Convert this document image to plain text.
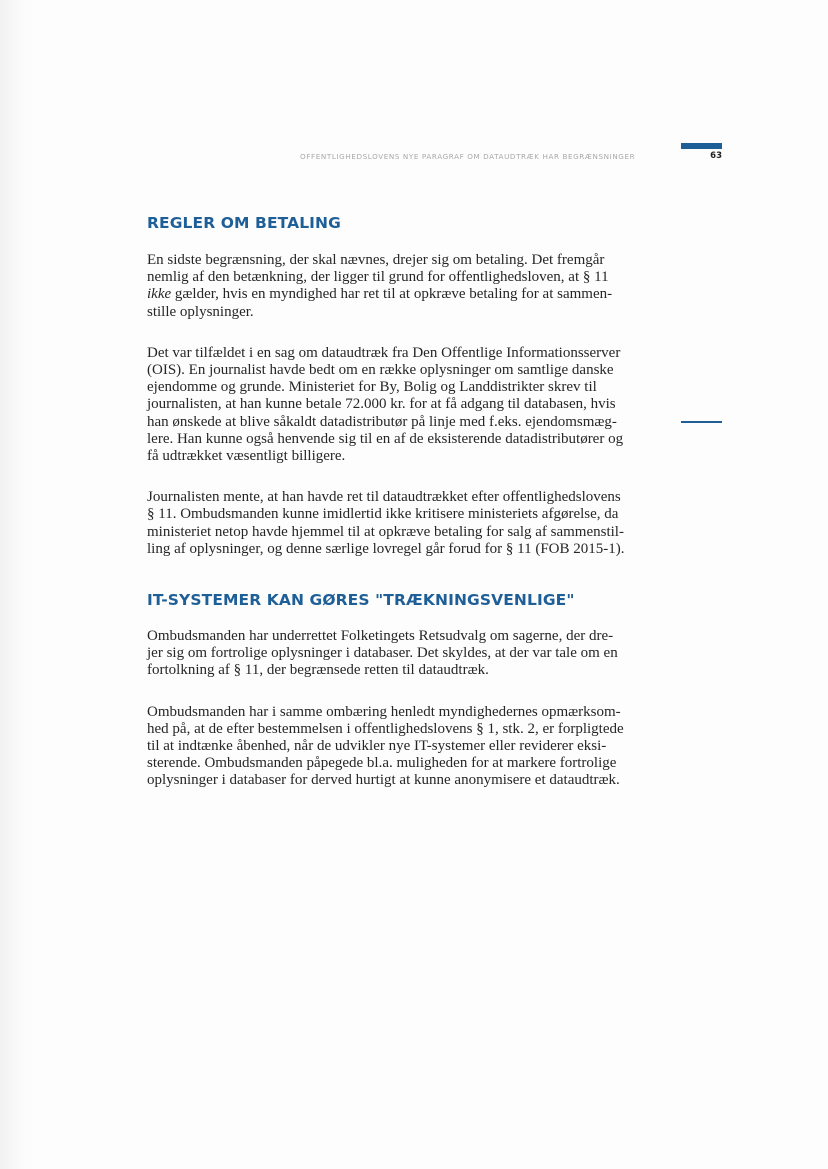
OFFENTLIGHEDSLOVENS NYE PARAGRAF OM DATAUDTRÆK HAR BEGRÆNSNINGER	63
REGLER OM BETALING

En sidste begrænsning, der skal nævnes, drejer sig om betaling. Det fremgår
nemlig af den betænkning, der ligger til grund for offentlighedsloven, at § 11
ikke gælder, hvis en myndighed har ret til at opkræve betaling for at sammen-
stille oplysninger.

Det var tilfældet i en sag om dataudtræk fra Den Offentlige Informationsserver
(OIS). En journalist havde bedt om en række oplysninger om samtlige danske
ejendomme og grunde. Ministeriet for By, Bolig og Landdistrikter skrev til
journalisten, at han kunne betale 72.000 kr. for at få adgang til databasen, hvis
han ønskede at blive såkaldt datadistributør på linje med f.eks. ejendomsmæg-
lere. Han kunne også henvende sig til en af de eksisterende datadistributører og
få udtrækket væsentligt billigere.

Journalisten mente, at han havde ret til dataudtrækket efter offentlighedslovens
§ 11. Ombudsmanden kunne imidlertid ikke kritisere ministeriets afgørelse, da
ministeriet netop havde hjemmel til at opkræve betaling for salg af sammenstil-
ling af oplysninger, og denne særlige lovregel går forud for § 11 (FOB 2015-1).

IT-SYSTEMER KAN GØRES "TRÆKNINGSVENLIGE"

Ombudsmanden har underrettet Folketingets Retsudvalg om sagerne, der dre-
jer sig om fortrolige oplysninger i databaser. Det skyldes, at der var tale om en
fortolkning af § 11, der begrænsede retten til dataudtræk.

Ombudsmanden har i samme ombæring henledt myndighedernes opmærksom-
hed på, at de efter bestemmelsen i offentlighedslovens § 1, stk. 2, er forpligtede
til at indtænke åbenhed, når de udvikler nye IT-systemer eller reviderer eksi-
sterende. Ombudsmanden påpegede bl.a. muligheden for at markere fortrolige
oplysninger i databaser for derved hurtigt at kunne anonymisere et dataudtræk.
